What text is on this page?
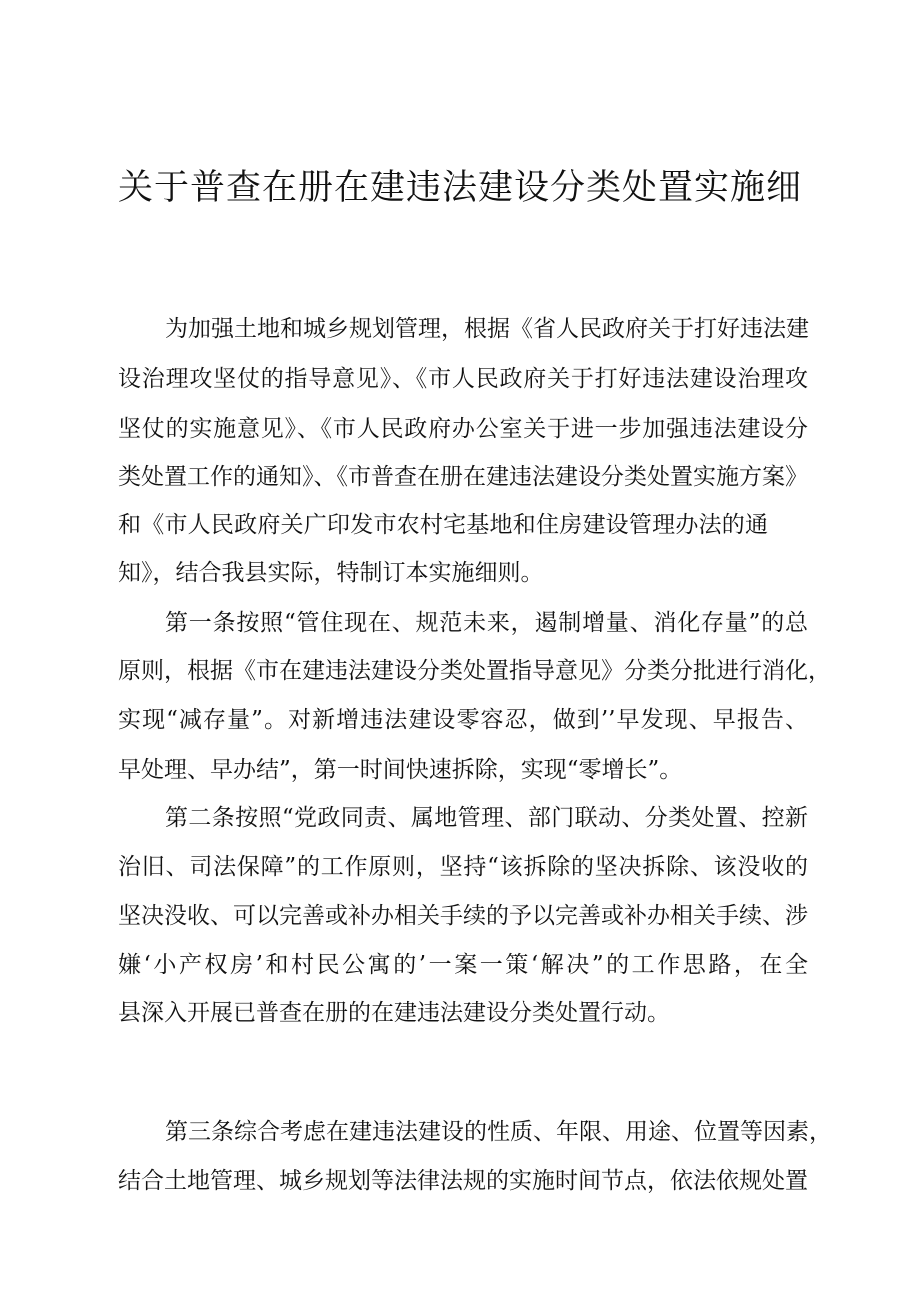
关于普查在册在建违法建设分类处置实施细
为加强土地和城乡规划管理，根据《省人民政府关于打好违法建
设治理攻坚仗的指导意见》、《市人民政府关于打好违法建设治理攻
坚仗的实施意见》、《市人民政府办公室关于进一步加强违法建设分
类处置工作的通知》、《市普查在册在建违法建设分类处置实施方案》
和《市人民政府关广印发市农村宅基地和住房建设管理办法的通
知》，结合我县实际，特制订本实施细则。
第一条按照“管住现在、规范未来，遏制增量、消化存量”的总
原则，根据《市在建违法建设分类处置指导意见》分类分批进行消化，
实现“减存量”。对新增违法建设零容忍，做到’’早发现、早报告、
早处理、早办结”，第一时间快速拆除，实现“零增长”。
第二条按照“党政同责、属地管理、部门联动、分类处置、控新
治旧、司法保障”的工作原则，坚持“该拆除的坚决拆除、该没收的
坚决没收、可以完善或补办相关手续的予以完善或补办相关手续、涉
嫌‘小产权房’和村民公寓的’一案一策‘解决”的工作思路，在全
县深入开展已普查在册的在建违法建设分类处置行动。
第三条综合考虑在建违法建设的性质、年限、用途、位置等因素，
结合土地管理、城乡规划等法律法规的实施时间节点，依法依规处置
